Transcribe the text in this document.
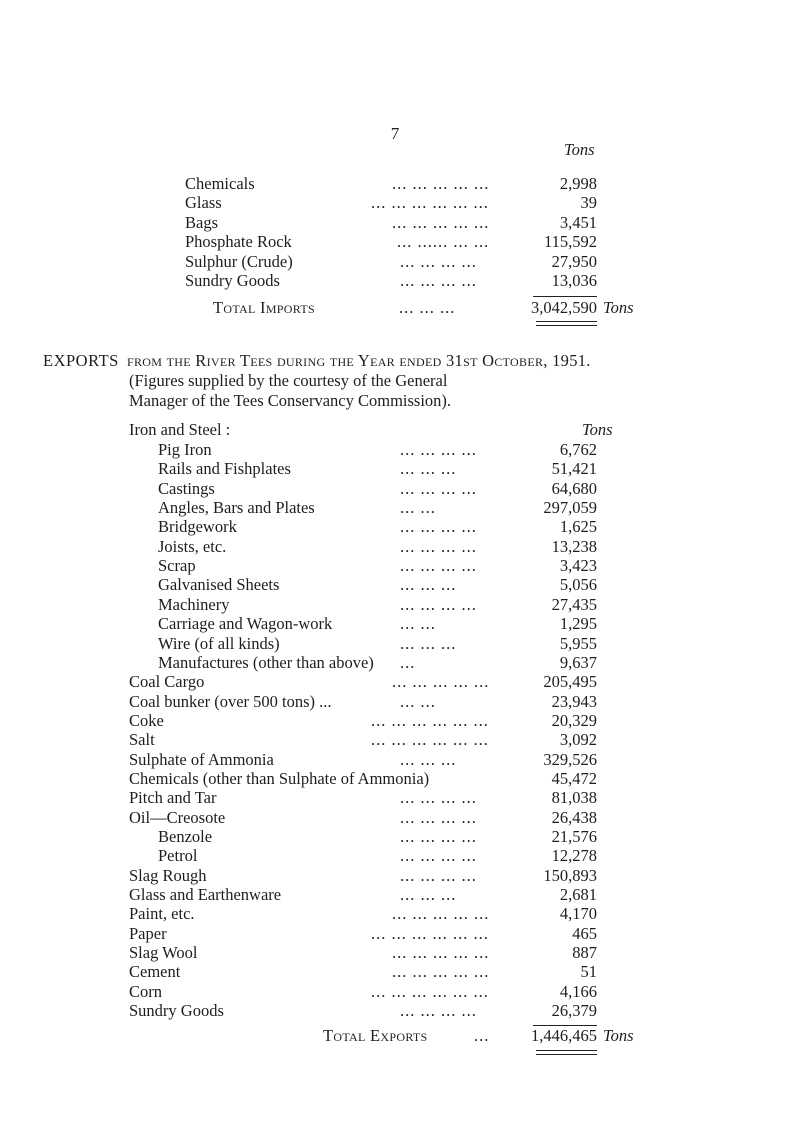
7
Tons
Chemicals	... ... ... ... ...	2,998
Glass	... ... ... ... ... ...	39
Bags	... ... ... ... ...	3,451
Phosphate Rock	... ...... ... ...	115,592
Sulphur (Crude)	... ... ... ...	27,950
Sundry Goods	... ... ... ...	13,036
Total Imports	... ... ...	3,042,590 Tons
EXPORTS from the River Tees during the Year ended 31st October, 1951.
(Figures supplied by the courtesy of the General
Manager of the Tees Conservancy Commission).
Iron and Steel :	Tons
Pig Iron	... ... ... ...	6,762
Rails and Fishplates	... ... ...	51,421
Castings	... ... ... ...	64,680
Angles, Bars and Plates	... ...	297,059
Bridgework	... ... ... ...	1,625
Joists, etc.	... ... ... ...	13,238
Scrap	... ... ... ...	3,423
Galvanised Sheets	... ... ...	5,056
Machinery	... ... ... ...	27,435
Carriage and Wagon-work	... ...	1,295
Wire (of all kinds)	... ... ...	5,955
Manufactures (other than above) ...	9,637
Coal Cargo	... ... ... ... ...	205,495
Coal bunker (over 500 tons) ...	... ...	23,943
Coke	... ... ... ... ... ...	20,329
Salt	... ... ... ... ... ...	3,092
Sulphate of Ammonia	... ... ...	329,526
Chemicals (other than Sulphate of Ammonia)	45,472
Pitch and Tar	... ... ... ...	81,038
Oil—Creosote	... ... ... ...	26,438
Benzole	... ... ... ...	21,576
Petrol	... ... ... ...	12,278
Slag Rough	... ... ... ...	150,893
Glass and Earthenware	... ... ...	2,681
Paint, etc.	... ... ... ... ...	4,170
Paper	... ... ... ... ... ...	465
Slag Wool	... ... ... ... ...	887
Cement	... ... ... ... ...	51
Corn	... ... ... ... ... ...	4,166
Sundry Goods	... ... ... ...	26,379
Total Exports	...	1,446,465 Tons
